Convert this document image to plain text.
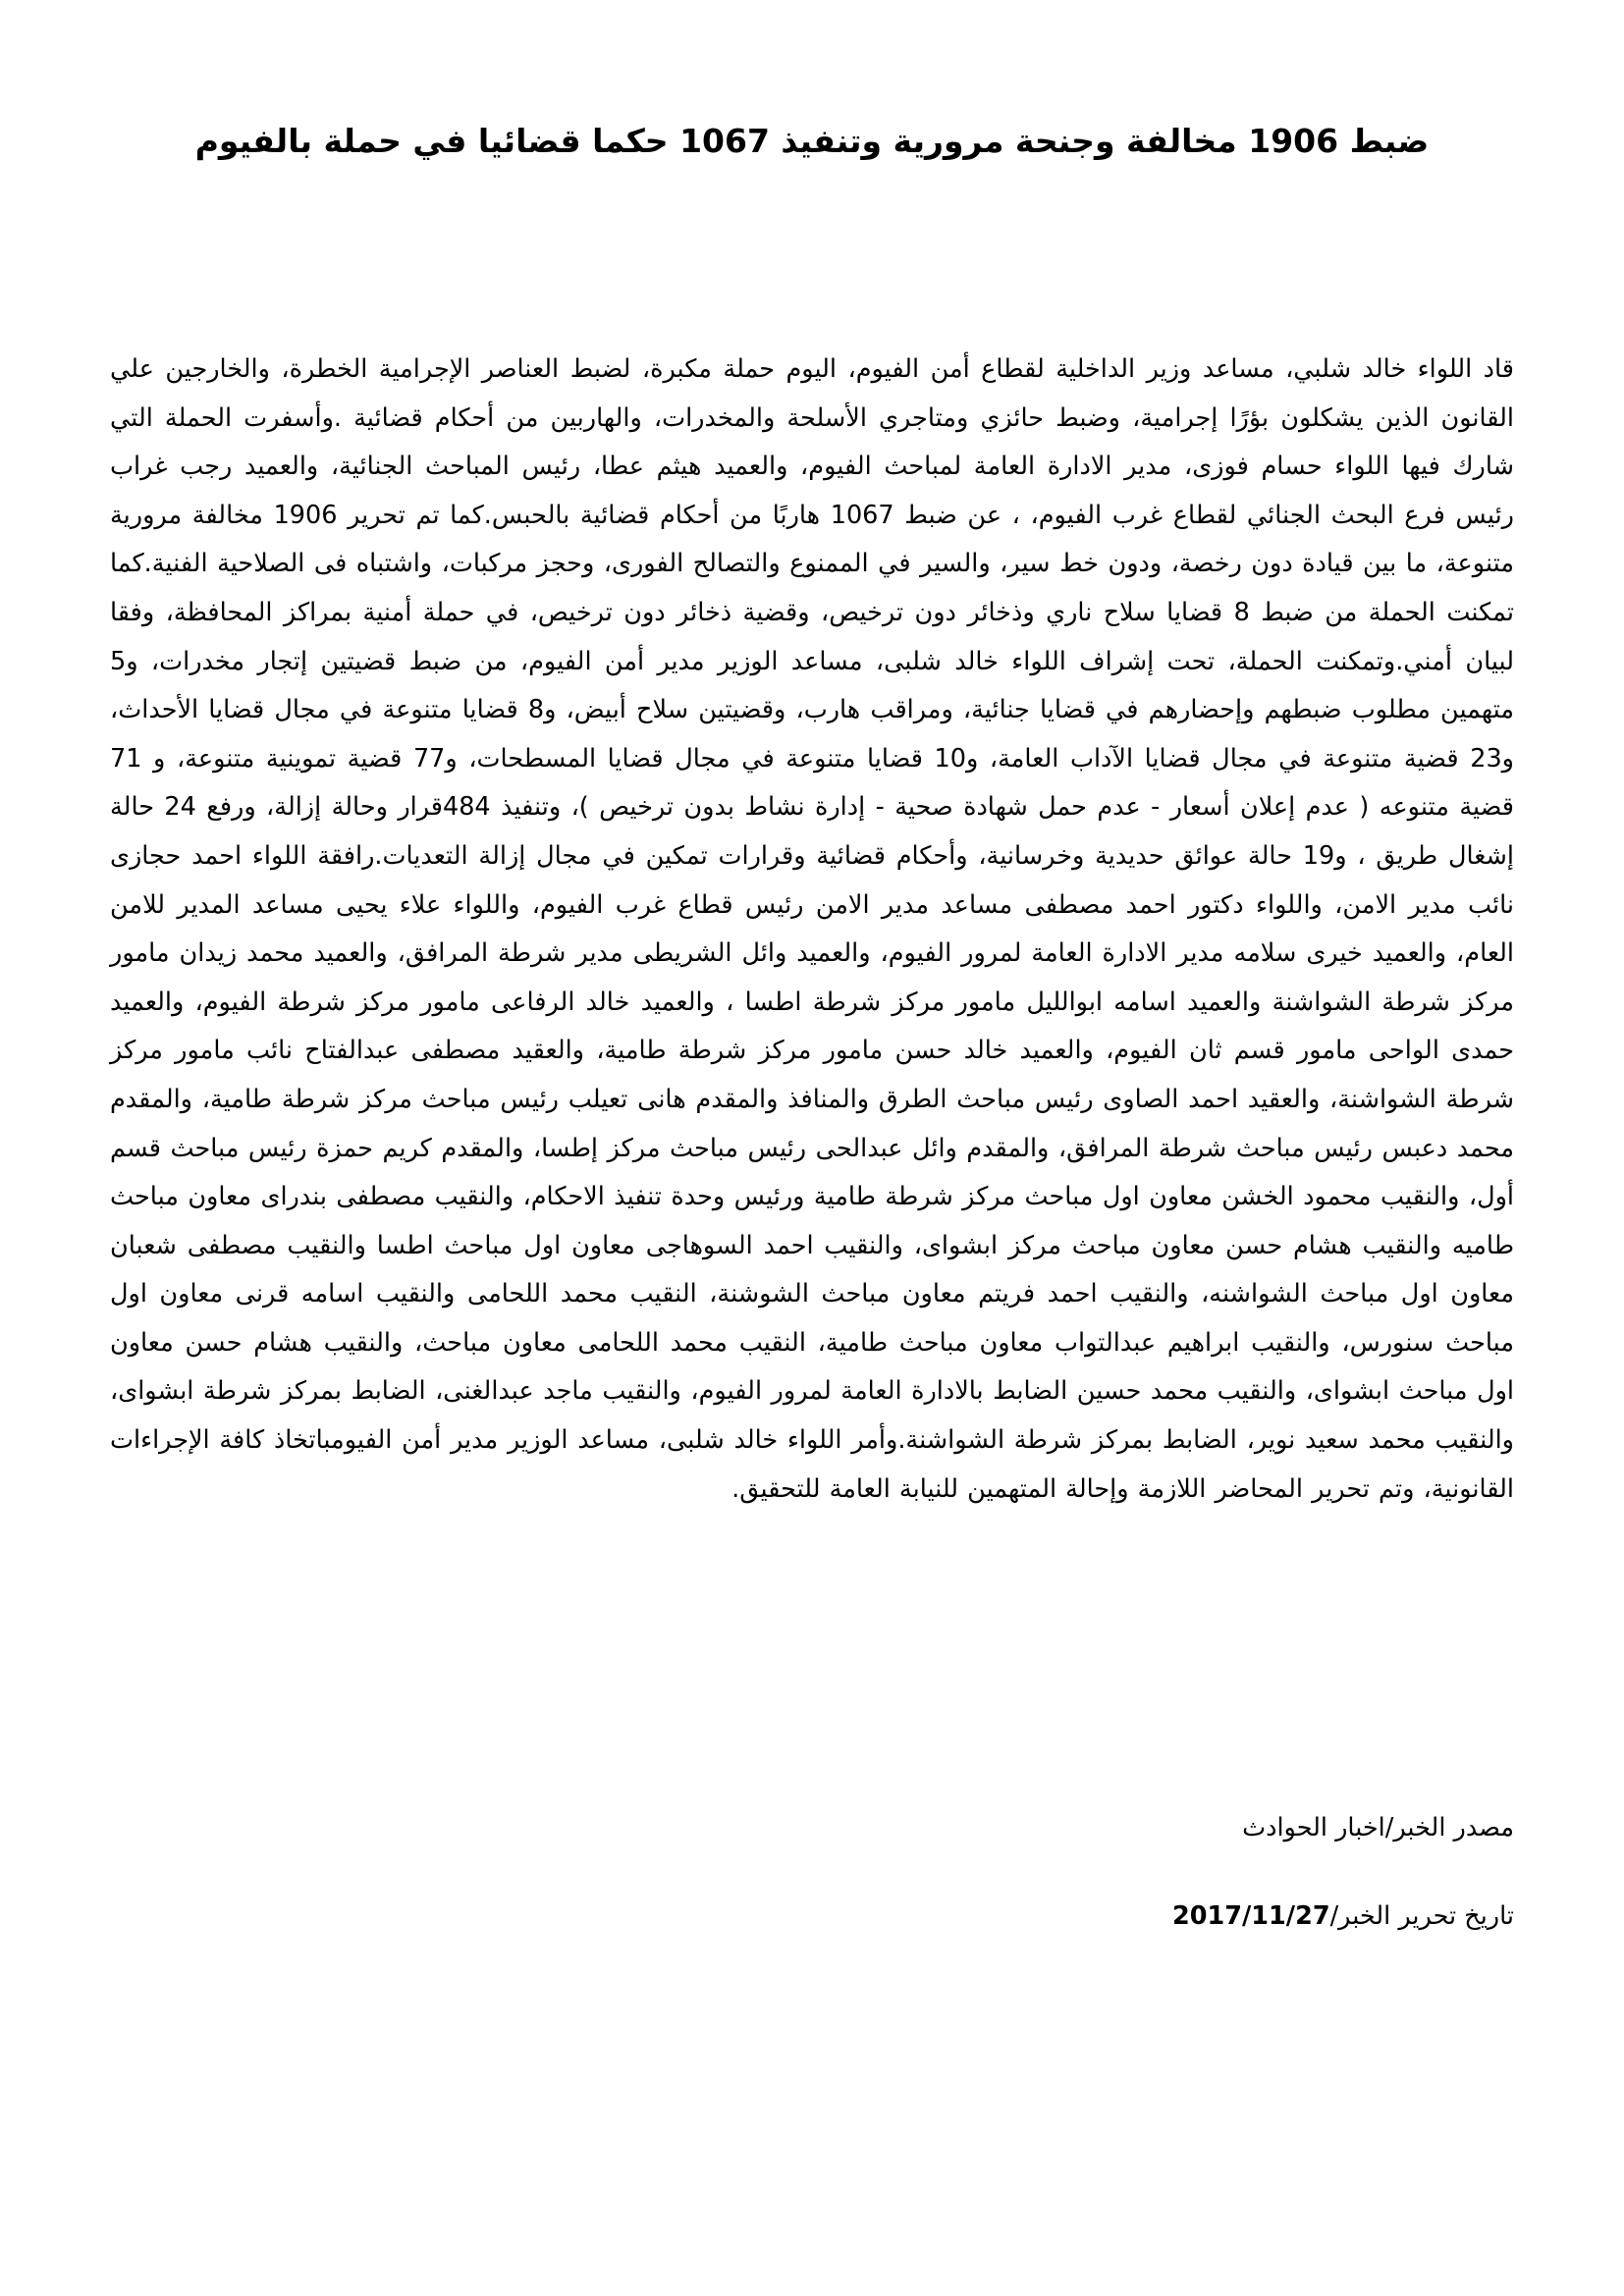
ضبط 1906 مخالفة وجنحة مرورية وتنفيذ 1067 حكما قضائيا في حملة بالفيوم

قاد اللواء خالد شلبي، مساعد وزير الداخلية لقطاع أمن الفيوم، اليوم حملة مكبرة، لضبط العناصر الإجرامية الخطرة، والخارجين علي القانون الذين يشكلون بؤرًا إجرامية، وضبط حائزي ومتاجري الأسلحة والمخدرات، والهاربين من أحكام قضائية .وأسفرت الحملة التي شارك فيها اللواء حسام فوزى، مدير الادارة العامة لمباحث الفيوم، والعميد هيثم عطا، رئيس المباحث الجنائية، والعميد رجب غراب رئيس فرع البحث الجنائي لقطاع غرب الفيوم، ، عن ضبط 1067 هاربًا من أحكام قضائية بالحبس.كما تم تحرير 1906 مخالفة مرورية متنوعة، ما بين قيادة دون رخصة، ودون خط سير، والسير في الممنوع والتصالح الفورى، وحجز مركبات، واشتباه فى الصلاحية الفنية.كما تمكنت الحملة من ضبط 8 قضايا سلاح ناري وذخائر دون ترخيص، وقضية ذخائر دون ترخيص، في حملة أمنية بمراكز المحافظة، وفقا لبيان أمني.وتمكنت الحملة، تحت إشراف اللواء خالد شلبى، مساعد الوزير مدير أمن الفيوم، من ضبط قضيتين إتجار مخدرات، و5 متهمين مطلوب ضبطهم وإحضارهم في قضايا جنائية، ومراقب هارب، وقضيتين سلاح أبيض، و8 قضايا متنوعة في مجال قضايا الأحداث، و23 قضية متنوعة في مجال قضايا الآداب العامة، و10 قضايا متنوعة في مجال قضايا المسطحات، و77 قضية تموينية متنوعة، و 71 قضية متنوعه ( عدم إعلان أسعار - عدم حمل شهادة صحية - إدارة نشاط بدون ترخيص )، وتنفيذ 484قرار وحالة إزالة، ورفع 24 حالة إشغال طريق ، و19 حالة عوائق حديدية وخرسانية، وأحكام قضائية وقرارات تمكين في مجال إزالة التعديات.رافقة اللواء احمد حجازى نائب مدير الامن، واللواء دكتور احمد مصطفى مساعد مدير الامن رئيس قطاع غرب الفيوم، واللواء علاء يحيى مساعد المدير للامن العام، والعميد خيرى سلامه مدير الادارة العامة لمرور الفيوم، والعميد وائل الشريطى مدير شرطة المرافق، والعميد محمد زيدان مامور مركز شرطة الشواشنة والعميد اسامه ابوالليل مامور مركز شرطة اطسا ، والعميد خالد الرفاعى مامور مركز شرطة الفيوم، والعميد حمدى الواحى مامور قسم ثان الفيوم، والعميد خالد حسن مامور مركز شرطة طامية، والعقيد مصطفى عبدالفتاح نائب مامور مركز شرطة الشواشنة، والعقيد احمد الصاوى رئيس مباحث الطرق والمنافذ والمقدم هانى تعيلب رئيس مباحث مركز شرطة طامية، والمقدم محمد دعبس رئيس مباحث شرطة المرافق، والمقدم وائل عبدالحى رئيس مباحث مركز إطسا، والمقدم كريم حمزة رئيس مباحث قسم أول، والنقيب محمود الخشن معاون اول مباحث مركز شرطة طامية ورئيس وحدة تنفيذ الاحكام، والنقيب مصطفى بندراى معاون مباحث طاميه والنقيب هشام حسن معاون مباحث مركز ابشواى، والنقيب احمد السوهاجى معاون اول مباحث اطسا والنقيب مصطفى شعبان معاون اول مباحث الشواشنه، والنقيب احمد فريتم معاون مباحث الشوشنة، النقيب محمد اللحامى والنقيب اسامه قرنى معاون اول مباحث سنورس، والنقيب ابراهيم عبدالتواب معاون مباحث طامية، النقيب محمد اللحامى معاون مباحث، والنقيب هشام حسن معاون اول مباحث ابشواى، والنقيب محمد حسين الضابط بالادارة العامة لمرور الفيوم، والنقيب ماجد عبدالغنى، الضابط بمركز شرطة ابشواى، والنقيب محمد سعيد نوير، الضابط بمركز شرطة الشواشنة.وأمر اللواء خالد شلبى، مساعد الوزير مدير أمن الفيومباتخاذ كافة الإجراءات القانونية، وتم تحرير المحاضر اللازمة وإحالة المتهمين للنيابة العامة للتحقيق.

مصدر الخبر/اخبار الحوادث

تاريخ تحرير الخبر/2017/11/27
